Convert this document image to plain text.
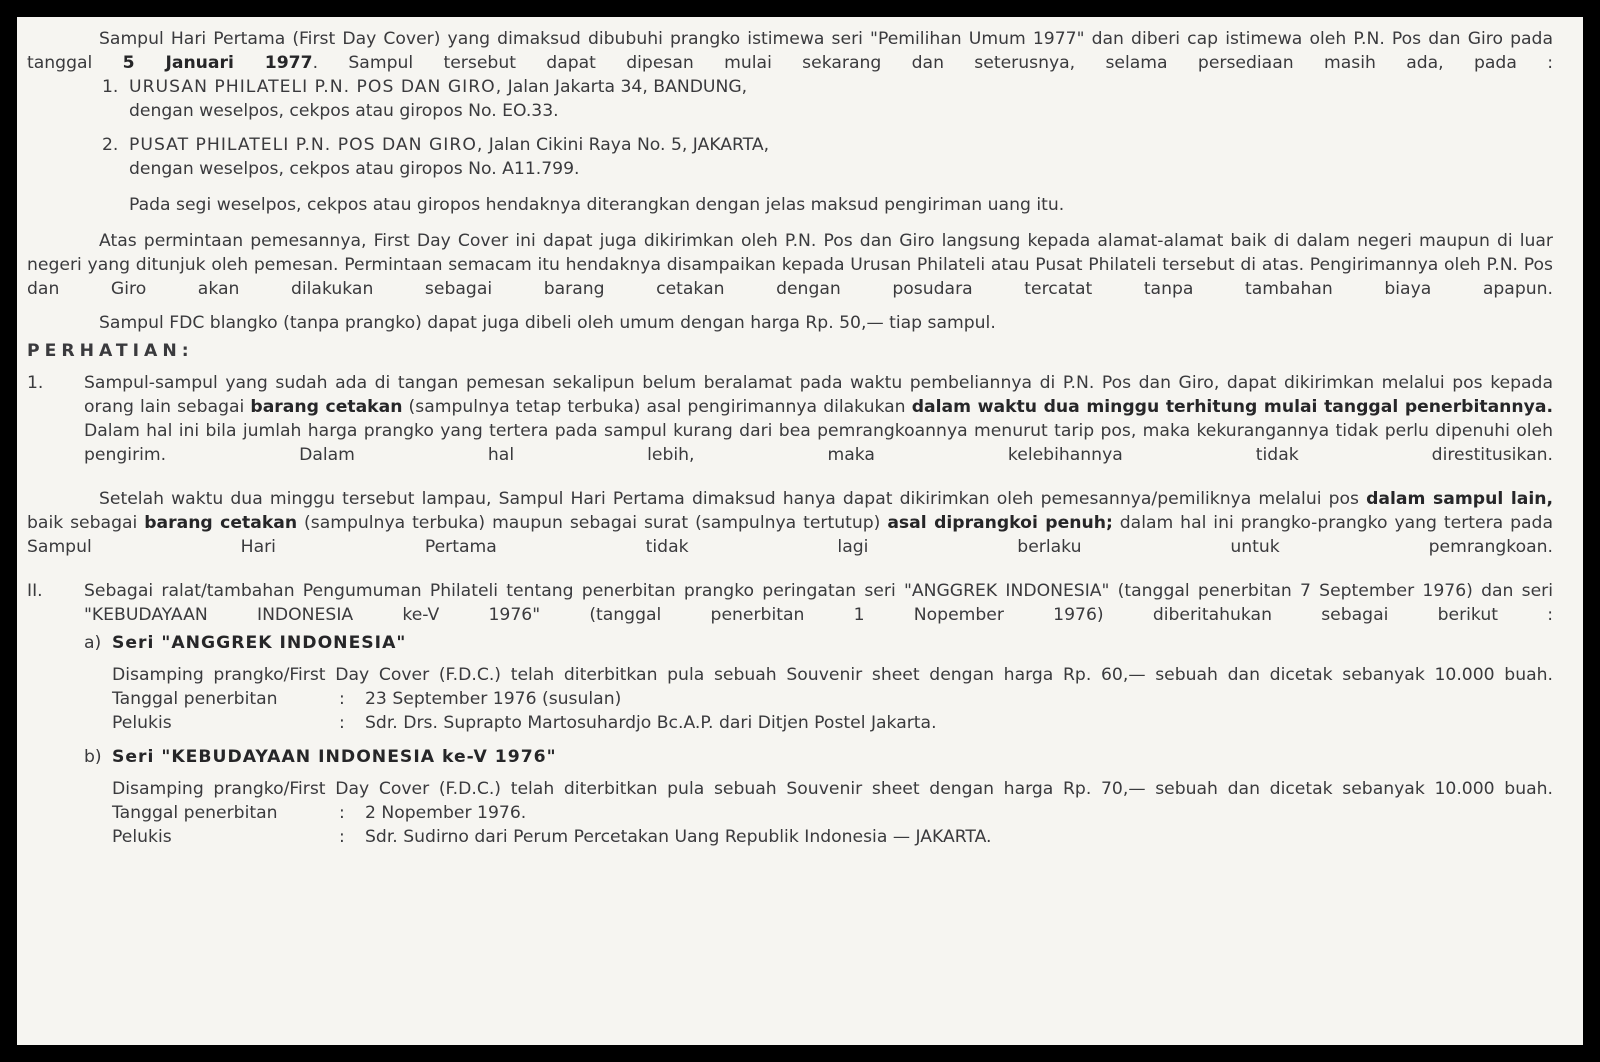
Sampul Hari Pertama (First Day Cover) yang dimaksud dibubuhi prangko istimewa seri "Pemilihan Umum 1977" dan diberi cap istimewa oleh P.N. Pos dan Giro pada tanggal 5 Januari 1977. Sampul tersebut dapat dipesan mulai sekarang dan seterusnya, selama persediaan masih ada, pada :

1. URUSAN PHILATELI P.N. POS DAN GIRO, Jalan Jakarta 34, BANDUNG,
dengan weselpos, cekpos atau giropos No. EO.33.
2. PUSAT PHILATELI P.N. POS DAN GIRO, Jalan Cikini Raya No. 5, JAKARTA,
dengan weselpos, cekpos atau giropos No. A11.799.

Pada segi weselpos, cekpos atau giropos hendaknya diterangkan dengan jelas maksud pengiriman uang itu.

Atas permintaan pemesannya, First Day Cover ini dapat juga dikirimkan oleh P.N. Pos dan Giro langsung kepada alamat-alamat baik di dalam negeri maupun di luar negeri yang ditunjuk oleh pemesan. Permintaan semacam itu hendaknya disampaikan kepada Urusan Philateli atau Pusat Philateli tersebut di atas. Pengirimannya oleh P.N. Pos dan Giro akan dilakukan sebagai barang cetakan dengan posudara tercatat tanpa tambahan biaya apapun.

Sampul FDC blangko (tanpa prangko) dapat juga dibeli oleh umum dengan harga Rp. 50,— tiap sampul.

PERHATIAN:

1.	Sampul-sampul yang sudah ada di tangan pemesan sekalipun belum beralamat pada waktu pembeliannya di P.N. Pos dan Giro, dapat dikirimkan melalui pos kepada orang lain sebagai barang cetakan (sampulnya tetap terbuka) asal pengirimannya dilakukan dalam waktu dua minggu terhitung mulai tanggal penerbitannya. Dalam hal ini bila jumlah harga prangko yang tertera pada sampul kurang dari bea pemrangkoannya menurut tarip pos, maka kekurangannya tidak perlu dipenuhi oleh pengirim. Dalam hal lebih, maka kelebihannya tidak direstitusikan.

Setelah waktu dua minggu tersebut lampau, Sampul Hari Pertama dimaksud hanya dapat dikirimkan oleh pemesannya/pemiliknya melalui pos dalam sampul lain, baik sebagai barang cetakan (sampulnya terbuka) maupun sebagai surat (sampulnya tertutup) asal diprangkoi penuh; dalam hal ini prangko-prangko yang tertera pada Sampul Hari Pertama tidak lagi berlaku untuk pemrangkoan.

II.	Sebagai ralat/tambahan Pengumuman Philateli tentang penerbitan prangko peringatan seri "ANGGREK INDONESIA" (tanggal penerbitan 7 September 1976) dan seri "KEBUDAYAAN INDONESIA ke-V 1976" (tanggal penerbitan 1 Nopember 1976) diberitahukan sebagai berikut :

a) Seri "ANGGREK INDONESIA"

Disamping prangko/First Day Cover (F.D.C.) telah diterbitkan pula sebuah Souvenir sheet dengan harga Rp. 60,— sebuah dan dicetak sebanyak 10.000 buah.

Tanggal penerbitan	:	23 September 1976 (susulan)
Pelukis	:	Sdr. Drs. Suprapto Martosuhardjo Bc.A.P. dari Ditjen Postel Jakarta.
b) Seri "KEBUDAYAAN INDONESIA ke-V 1976"

Disamping prangko/First Day Cover (F.D.C.) telah diterbitkan pula sebuah Souvenir sheet dengan harga Rp. 70,— sebuah dan dicetak sebanyak 10.000 buah.

Tanggal penerbitan	:	2 Nopember 1976.
Pelukis	:	Sdr. Sudirno dari Perum Percetakan Uang Republik Indonesia — JAKARTA.
